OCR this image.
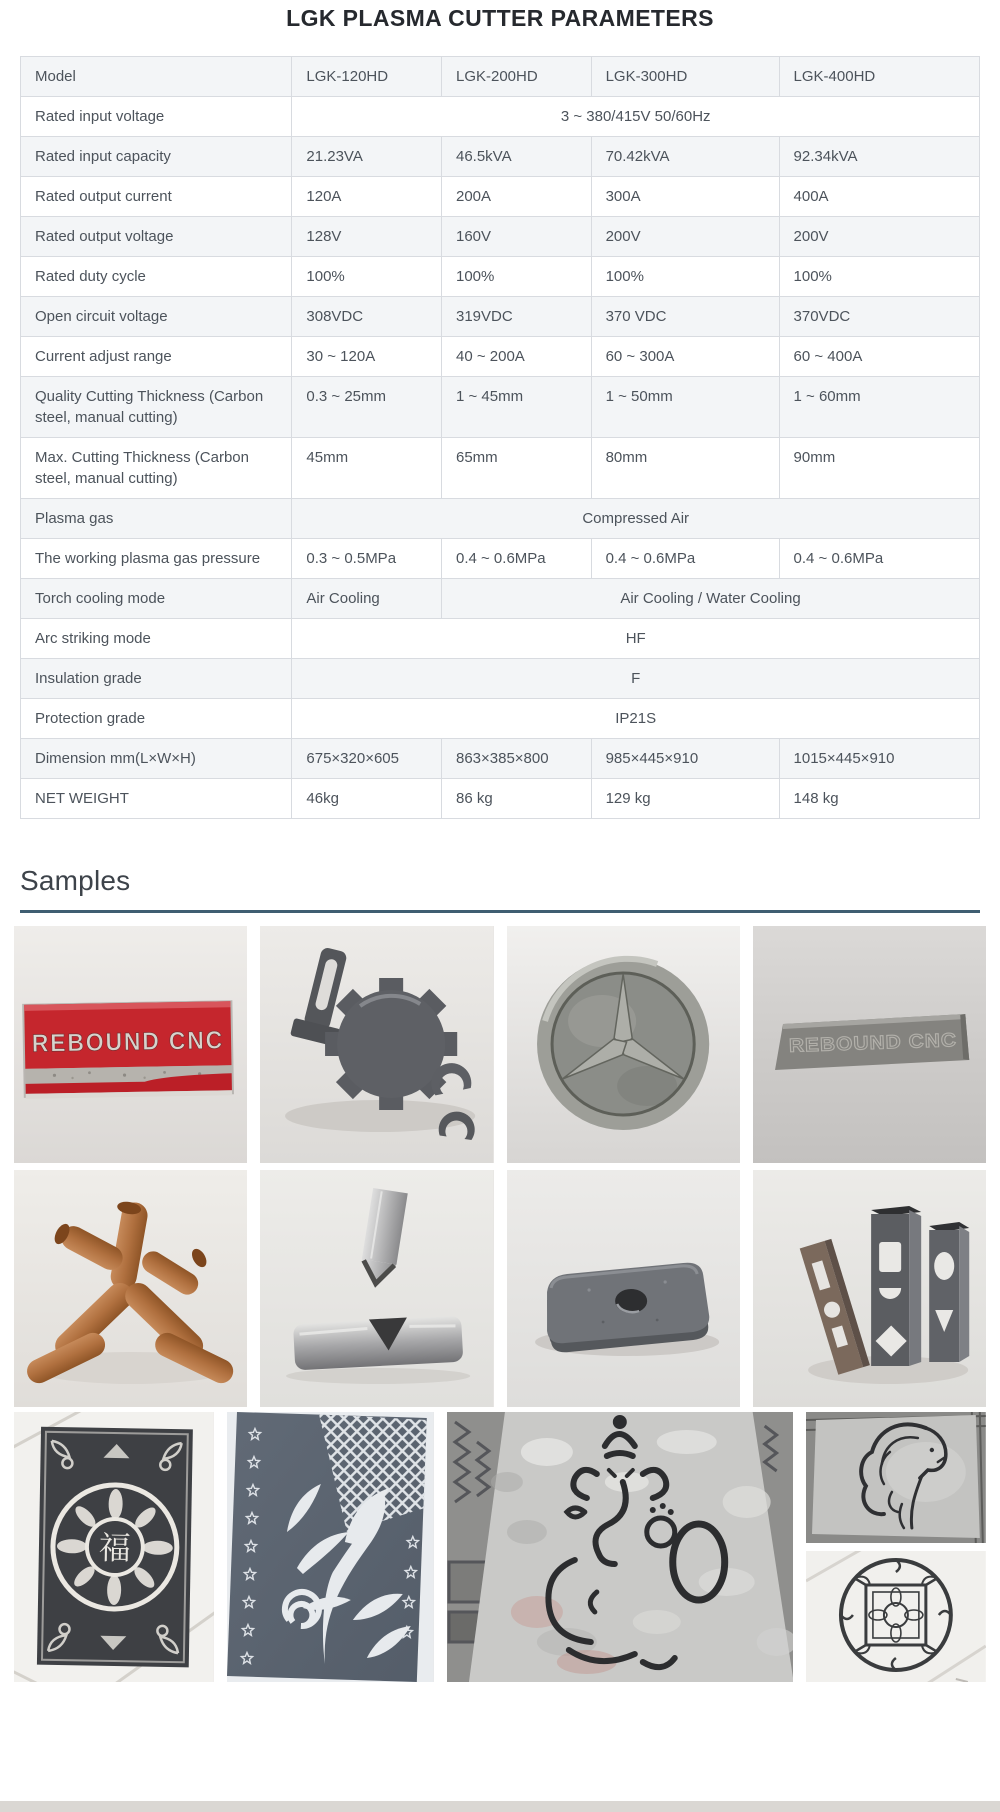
LGK PLASMA CUTTER PARAMETERS
Model	LGK-120HD	LGK-200HD	LGK-300HD	LGK-400HD
Rated input voltage	3 ~ 380/415V 50/60Hz			
Rated input capacity	21.23VA	46.5kVA	70.42kVA	92.34kVA
Rated output current	120A	200A	300A	400A
Rated output voltage	128V	160V	200V	200V
Rated duty cycle	100%	100%	100%	100%
Open circuit voltage	308VDC	319VDC	370 VDC	370VDC
Current adjust range	30 ~ 120A	40 ~ 200A	60 ~ 300A	60 ~ 400A
Quality Cutting Thickness (Carbon steel, manual cutting)	0.3 ~ 25mm	1 ~ 45mm	1 ~ 50mm	1 ~ 60mm
Max. Cutting Thickness (Carbon steel, manual cutting)	45mm	65mm	80mm	90mm
Plasma gas	Compressed Air			
The working plasma gas pressure	0.3 ~ 0.5MPa	0.4 ~ 0.6MPa	0.4 ~ 0.6MPa	0.4 ~ 0.6MPa
Torch cooling mode	Air Cooling	Air Cooling / Water Cooling		
Arc striking mode	HF			
Insulation grade	F			
Protection grade	IP21S			
Dimension mm(L×W×H)	675×320×605	863×385×800	985×445×910	1015×445×910
NET WEIGHT	46kg	86 kg	129 kg	148 kg
Samples
REBOUND CNC	REBOUND CNC
福
